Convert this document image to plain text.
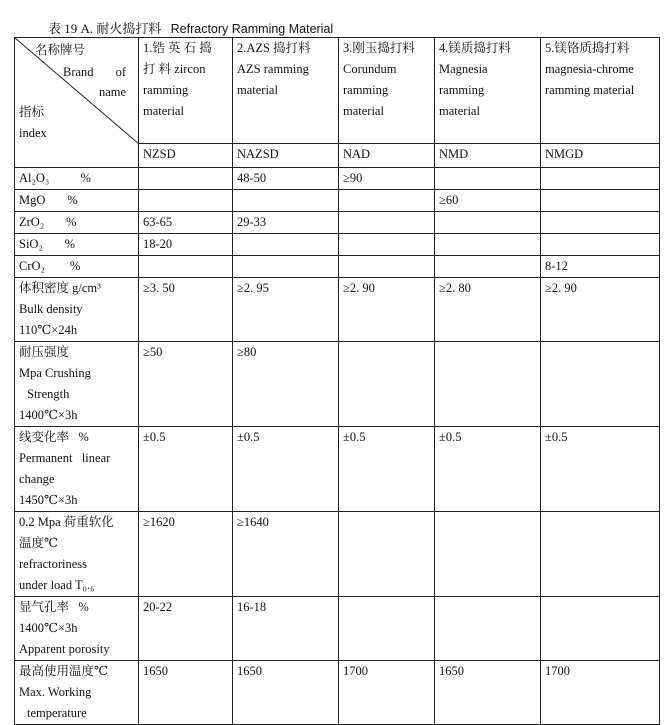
表 19 A. 耐火捣打料 Refractory Ramming Material
名称牌号
Brand of
name
指标
index	1.锆 英 石 捣
打 料 zircon
ramming
material	2.AZS 捣打料
AZS ramming
material	3.刚玉捣打料
Corundum
ramming
material	4.镁质捣打料
Magnesia
ramming
material	5.镁铬质捣打料
magnesia-chrome
ramming material

	NZSD	NAZSD	NAD	NMD	NMGD
Al₂O₃          %		48-50	≥90		
MgO       %				≥60	
ZrO₂       %	63-65	29-33			
SiO₂       %	18-20				
CrO₂        %					8-12

体积密度 g/cm³
Bulk density
110℃×24h	≥3. 50	≥2. 95	≥2. 90	≥2. 80	≥2. 90

耐压强度
Mpa Crushing
Strength
1400℃×3h	≥50	≥80			

线变化率   %
Permanent   linear
change
1450℃×3h	±0.5	±0.5	±0.5	±0.5	±0.5

0.2 Mpa 荷重软化
温度℃
refractoriness
under load T₀.₆	≥1620	≥1640			

显气孔率   %
1400℃×3h
Apparent porosity	20-22	16-18			

最高使用温度℃
Max. Working
temperature	1650	1650	1700	1650	1700
